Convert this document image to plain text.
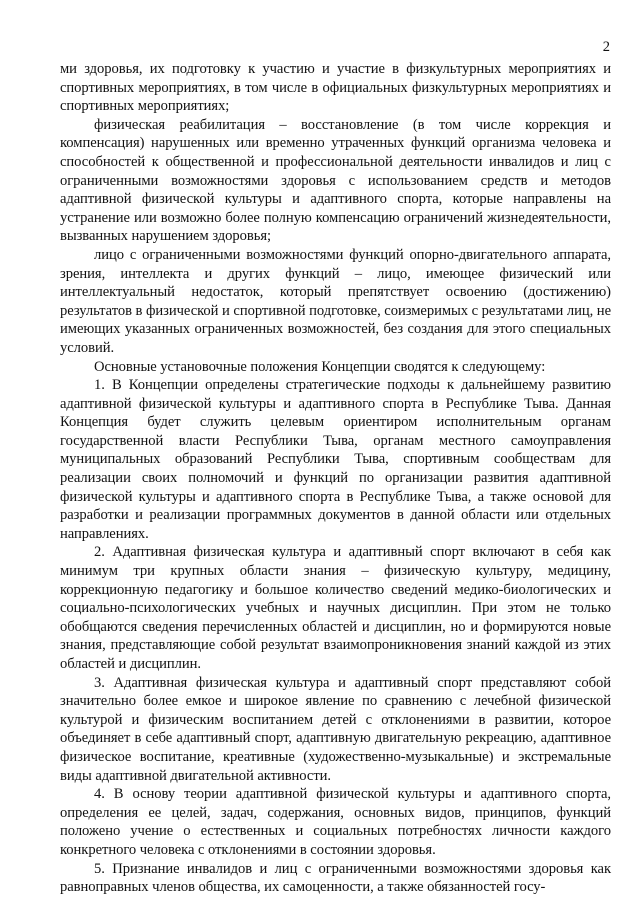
2

ми здоровья, их подготовку к участию и участие в физкультурных мероприятиях и спортивных мероприятиях, в том числе в официальных физкультурных мероприятиях и спортивных мероприятиях;

физическая реабилитация – восстановление (в том числе коррекция и компенсация) нарушенных или временно утраченных функций организма человека и способностей к общественной и профессиональной деятельности инвалидов и лиц с ограниченными возможностями здоровья с использованием средств и методов адаптивной физической культуры и адаптивного спорта, которые направлены на устранение или возможно более полную компенсацию ограничений жизнедеятельности, вызванных нарушением здоровья;

лицо с ограниченными возможностями функций опорно-двигательного аппарата, зрения, интеллекта и других функций – лицо, имеющее физический или интеллектуальный недостаток, который препятствует освоению (достижению) результатов в физической и спортивной подготовке, соизмеримых с результатами лиц, не имеющих указанных ограниченных возможностей, без создания для этого специальных условий.

Основные установочные положения Концепции сводятся к следующему:

1. В Концепции определены стратегические подходы к дальнейшему развитию адаптивной физической культуры и адаптивного спорта в Республике Тыва. Данная Концепция будет служить целевым ориентиром исполнительным органам государственной власти Республики Тыва, органам местного самоуправления муниципальных образований Республики Тыва, спортивным сообществам для реализации своих полномочий и функций по организации развития адаптивной физической культуры и адаптивного спорта в Республике Тыва, а также основой для разработки и реализации программных документов в данной области или отдельных направлениях.

2. Адаптивная физическая культура и адаптивный спорт включают в себя как минимум три крупных области знания – физическую культуру, медицину, коррекционную педагогику и большое количество сведений медико-биологических и социально-психологических учебных и научных дисциплин. При этом не только обобщаются сведения перечисленных областей и дисциплин, но и формируются новые знания, представляющие собой результат взаимопроникновения знаний каждой из этих областей и дисциплин.

3. Адаптивная физическая культура и адаптивный спорт представляют собой значительно более емкое и широкое явление по сравнению с лечебной физической культурой и физическим воспитанием детей с отклонениями в развитии, которое объединяет в себе адаптивный спорт, адаптивную двигательную рекреацию, адаптивное физическое воспитание, креативные (художественно-музыкальные) и экстремальные виды адаптивной двигательной активности.

4. В основу теории адаптивной физической культуры и адаптивного спорта, определения ее целей, задач, содержания, основных видов, принципов, функций положено учение о естественных и социальных потребностях личности каждого конкретного человека с отклонениями в состоянии здоровья.

5. Признание инвалидов и лиц с ограниченными возможностями здоровья как равноправных членов общества, их самоценности, а также обязанностей госу-
